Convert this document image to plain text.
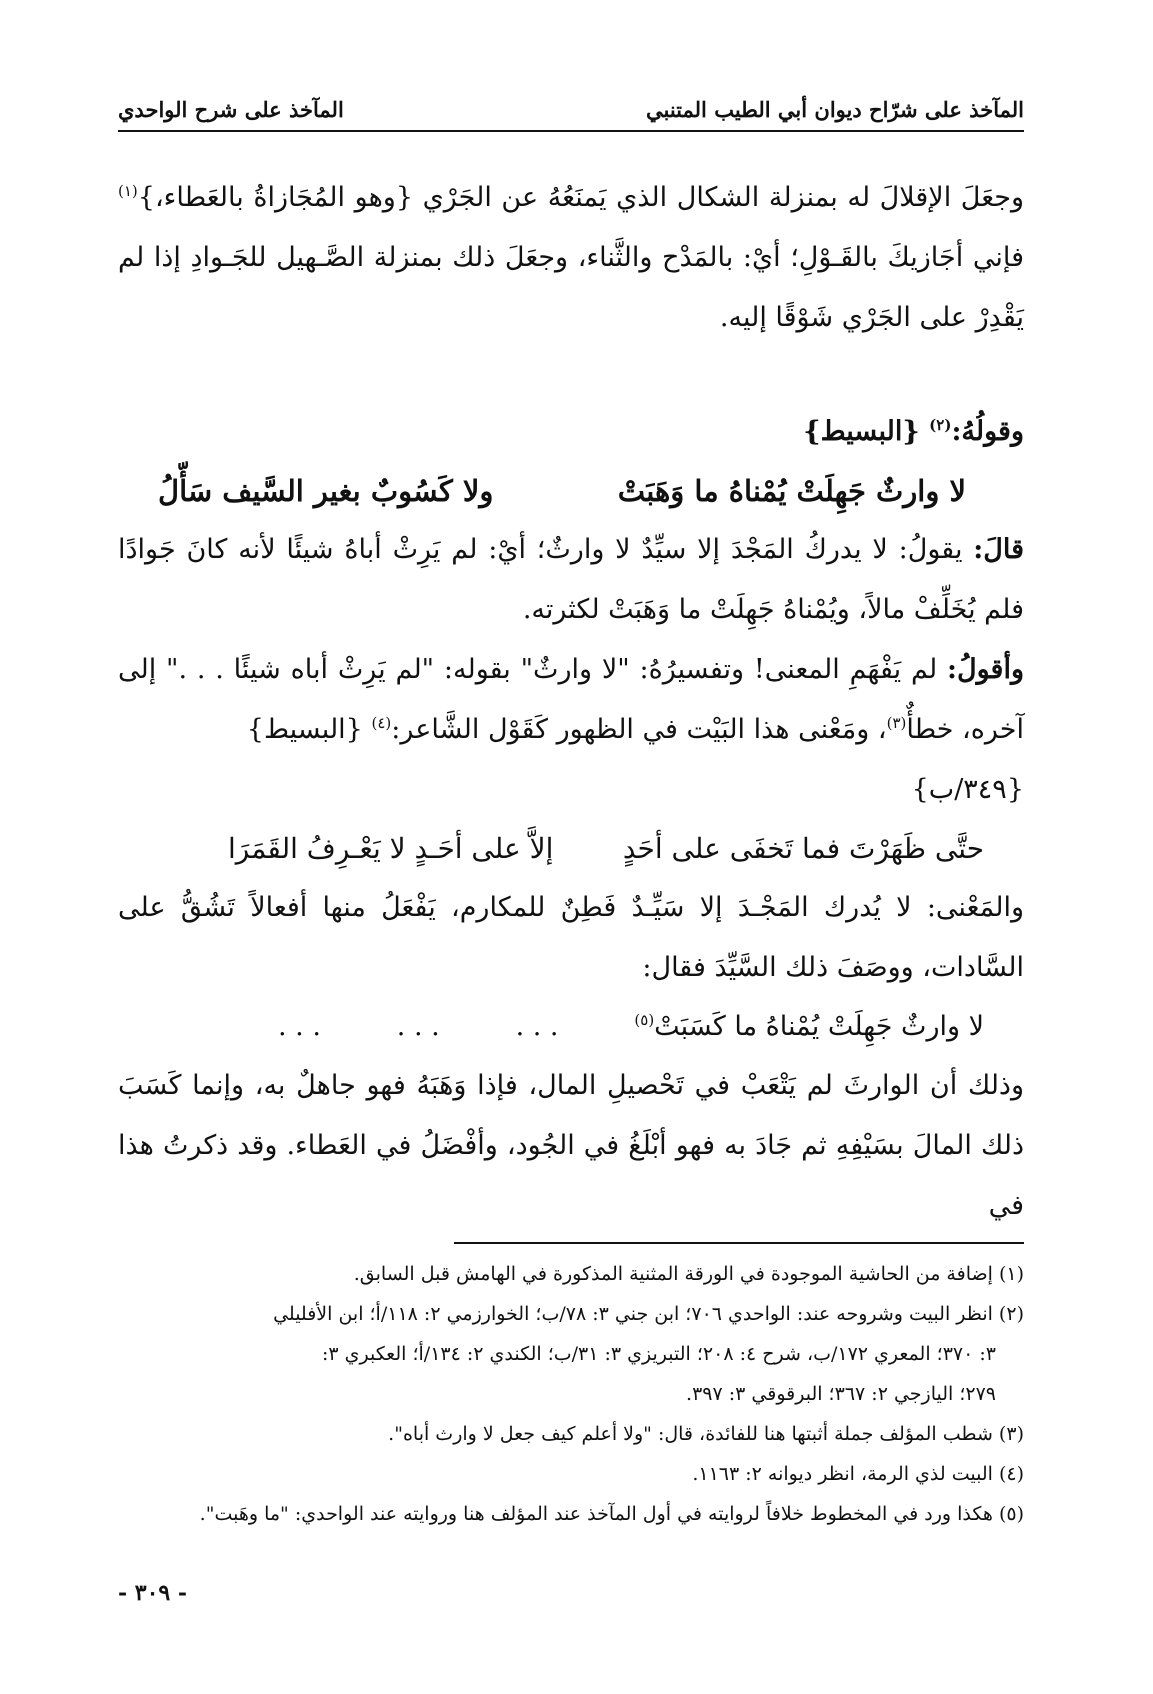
المآخذ على شرّاح ديوان أبي الطيب المتنبي
المآخذ على شرح الواحدي

وجعَلَ الإقلالَ له بمنزلة الشكال الذي يَمنَعُهُ عن الجَرْي {وهو المُجَازاةُ بالعَطاء،}$^{(١)}$ فإني أجَازيكَ بالقَـوْلِ؛ أيْ: بالمَدْح والثَّناء، وجعَلَ ذلك بمنزلة الصَّـهيل للجَـوادِ إذا لم يَقْدِرْ على الجَرْي شَوْقًا إليه.

وقولُهُ:$^{(٢)}$ {البسيط}

لا وارثٌ جَهِلَتْ يُمْناهُ ما وَهَبَتْ
ولا كَسُوبٌ بغير السَّيف سَأّلُ

قالَ: يقولُ: لا يدركُ المَجْدَ إلا سيِّدٌ لا وارثٌ؛ أيْ: لم يَرِثْ أباهُ شيئًا لأنه كانَ جَوادًا فلم يُخَلِّفْ مالاً، ويُمْناهُ جَهِلَتْ ما وَهَبَتْ لكثرته.

وأقولُ: لم يَفْهَمِ المعنى! وتفسيرُهُ: "لا وارثٌ" بقوله: "لم يَرِثْ أباه شيئًا . . ." إلى آخره، خطأٌ$^{(٣)}$، ومَعْنى هذا البَيْت في الظهور كَقَوْل الشَّاعر:$^{(٤)}$ {البسيط}
{٣٤٩/ب}

حتَّى ظَهَرْتَ فما تَخفَى على أحَدٍ
إلاَّ على أحَـدٍ لا يَعْـرِفُ القَمَرَا

والمَعْنى: لا يُدرك المَجْـدَ إلا سَيِّـدٌ فَطِنٌ للمكارم، يَفْعَلُ منها أفعالاً تَشُقُّ على السَّادات، ووصَفَ ذلك السَّيِّدَ فقال:

لا وارثٌ جَهِلَتْ يُمْناهُ ما كَسَبَتْ$^{(٥)}$
. . .
. . .
. . .

وذلك أن الوارثَ لم يَتْعَبْ في تَحْصيلِ المال، فإذا وَهَبَهُ فهو جاهلٌ به، وإنما كَسَبَ ذلك المالَ بسَيْفِهِ ثم جَادَ به فهو أبْلَغُ في الجُود، وأفْضَلُ في العَطاء. وقد ذكرتُ هذا في

(١) إضافة من الحاشية الموجودة في الورقة المثنية المذكورة في الهامش قبل السابق.

(٢) انظر البيت وشروحه عند: الواحدي ٧٠٦؛ ابن جني ٣: ٧٨/ب؛ الخوارزمي ٢: ١١٨/أ؛ ابن الأفليلي

٣: ٣٧٠؛ المعري ١٧٢/ب، شرح ٤: ٢٠٨؛ التبريزي ٣: ٣١/ب؛ الكندي ٢: ١٣٤/أ؛ العكبري ٣:

٢٧٩؛ اليازجي ٢: ٣٦٧؛ البرقوقي ٣: ٣٩٧.

(٣) شطب المؤلف جملة أثبتها هنا للفائدة، قال: "ولا أعلم كيف جعل لا وارث أباه".

(٤) البيت لذي الرمة، انظر ديوانه ٢: ١١٦٣.

(٥) هكذا ورد في المخطوط خلافاً لروايته في أول المآخذ عند المؤلف هنا وروايته عند الواحدي: "ما وهَبت".

- ٣٠٩ -
